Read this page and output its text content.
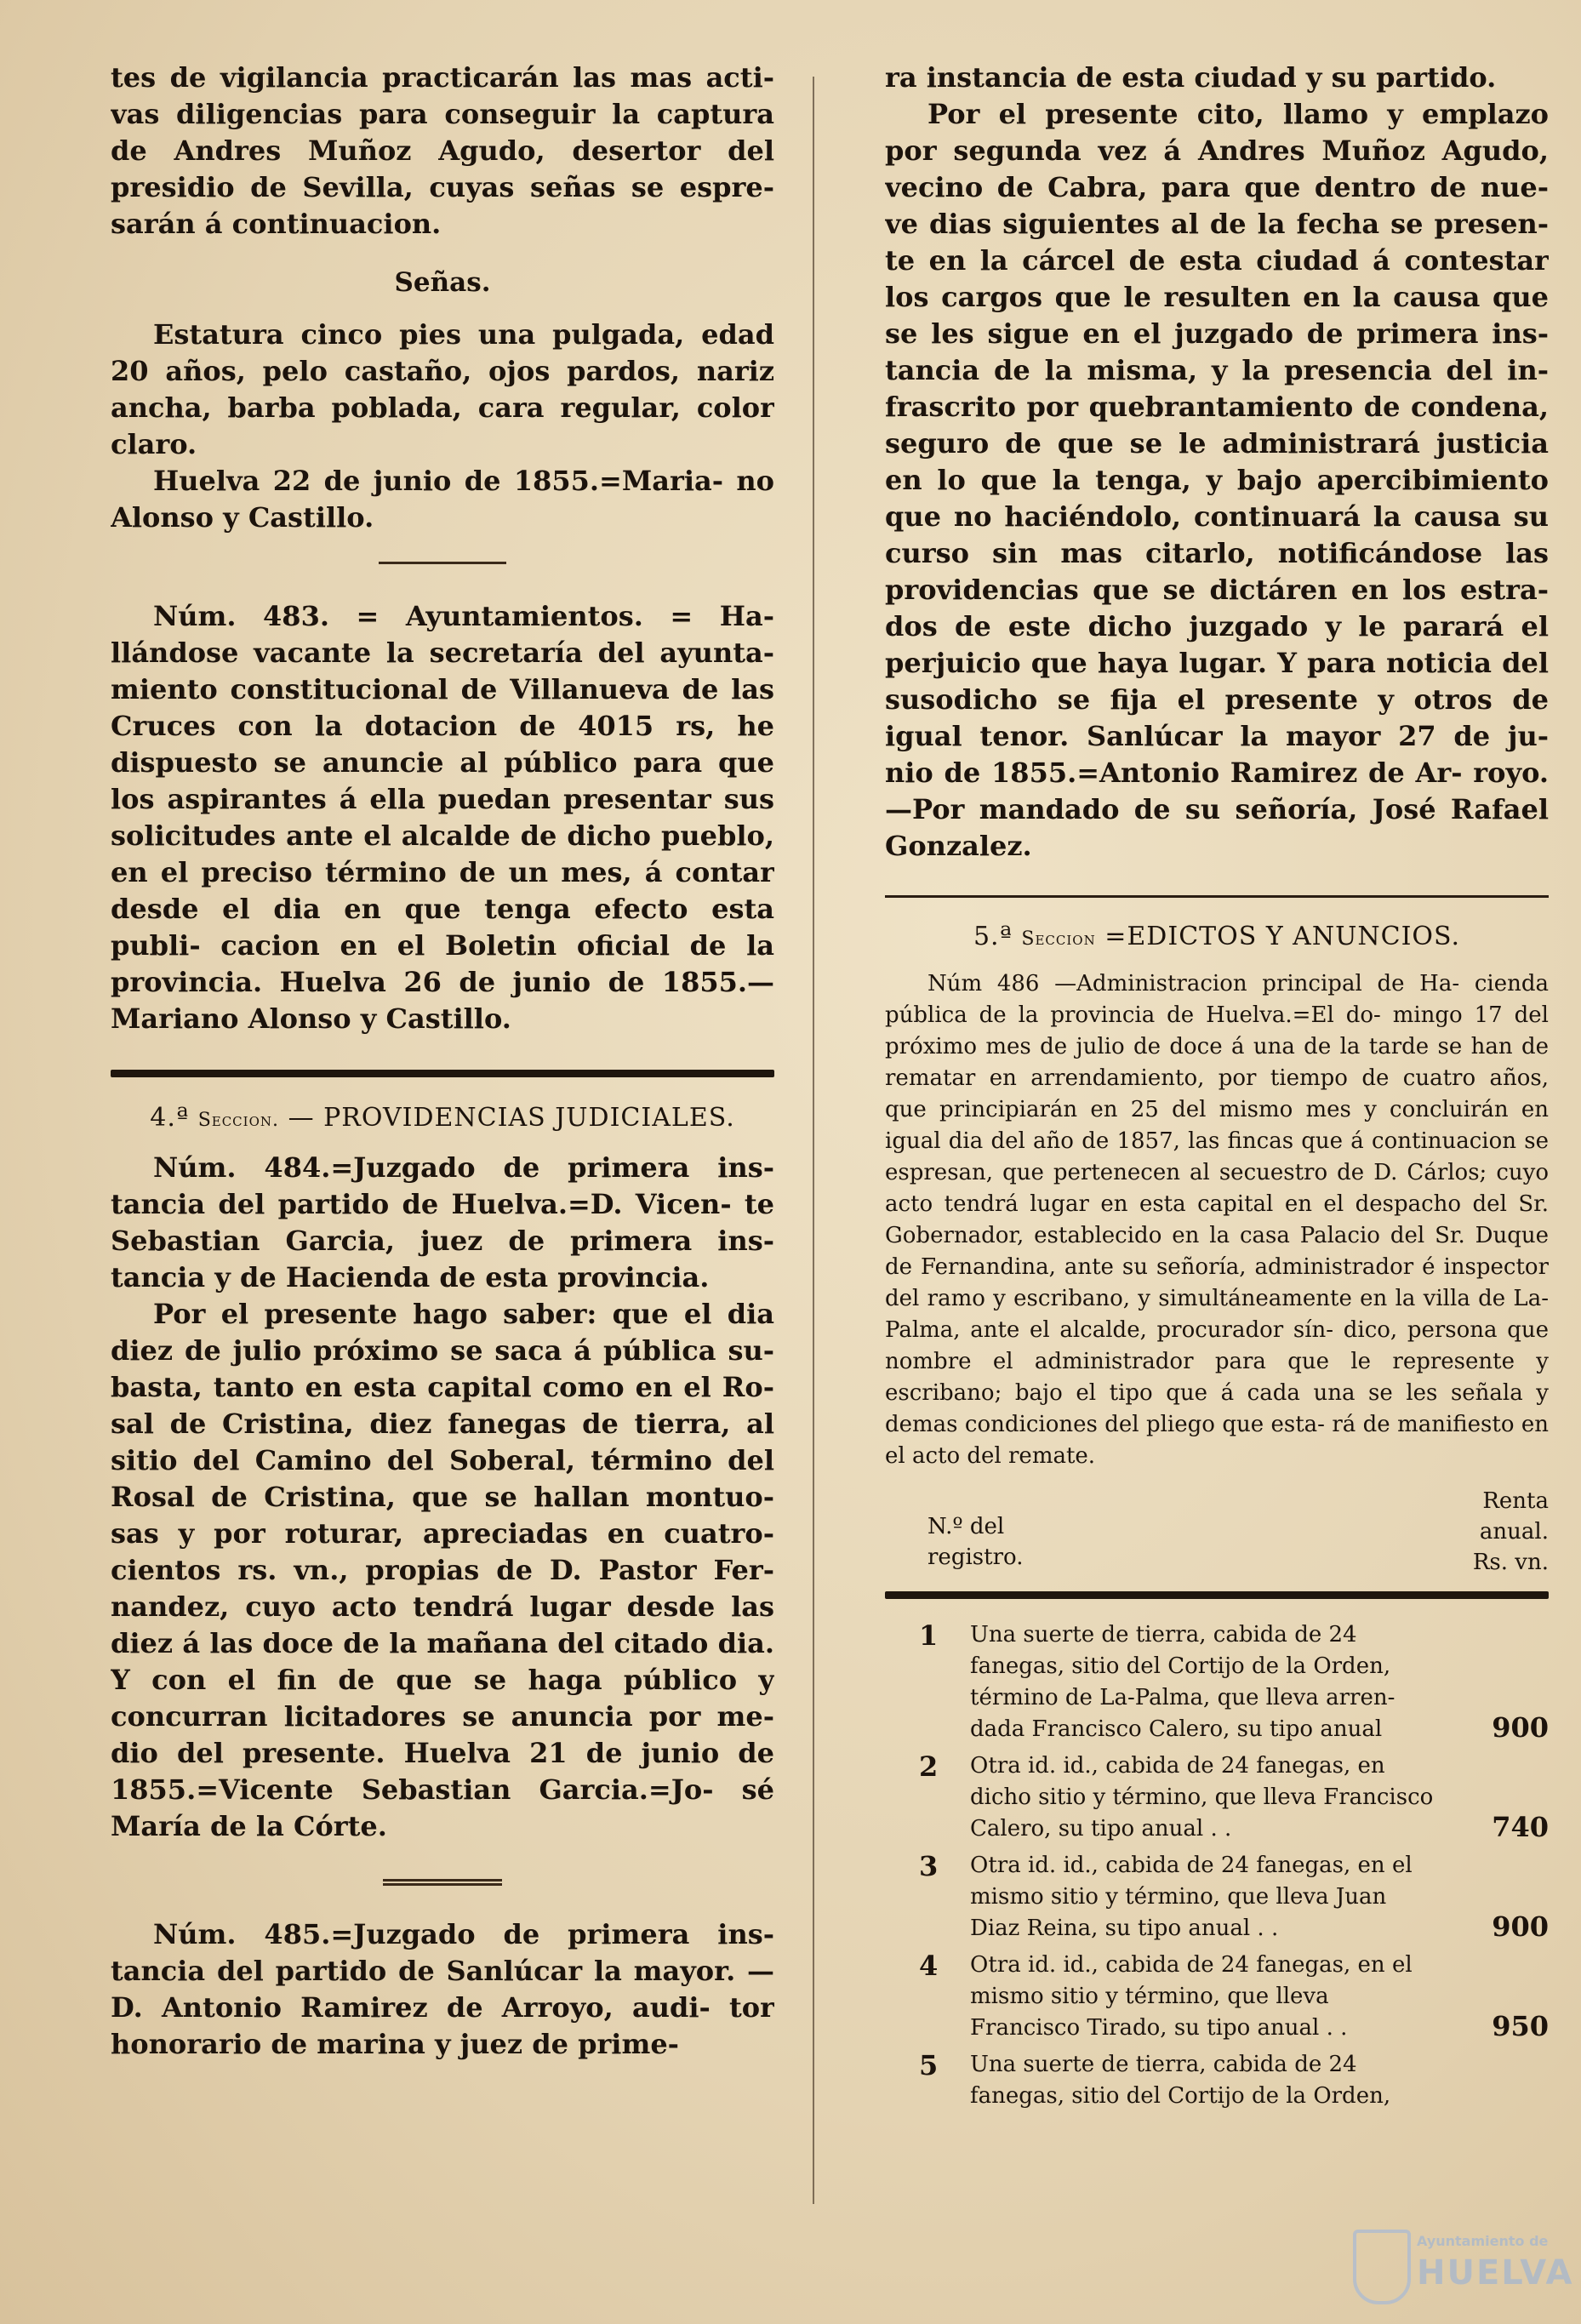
tes de vigilancia practicarán las mas acti- vas diligencias para conseguir la captura de Andres Muñoz Agudo, desertor del presidio de Sevilla, cuyas señas se espre- sarán á continuacion.

Señas.

Estatura cinco pies una pulgada, edad 20 años, pelo castaño, ojos pardos, nariz ancha, barba poblada, cara regular, color claro.

Huelva 22 de junio de 1855.=Maria- no Alonso y Castillo.

Núm. 483. = Ayuntamientos. = Ha- llándose vacante la secretaría del ayunta- miento constitucional de Villanueva de las Cruces con la dotacion de 4015 rs, he dispuesto se anuncie al público para que los aspirantes á ella puedan presentar sus solicitudes ante el alcalde de dicho pueblo, en el preciso término de un mes, á contar desde el dia en que tenga efecto esta publi- cacion en el Boletin oficial de la provincia. Huelva 26 de junio de 1855.—Mariano Alonso y Castillo.

4.ª Seccion. — PROVIDENCIAS JUDICIALES.

Núm. 484.=Juzgado de primera ins- tancia del partido de Huelva.=D. Vicen- te Sebastian Garcia, juez de primera ins- tancia y de Hacienda de esta provincia.

Por el presente hago saber: que el dia diez de julio próximo se saca á pública su- basta, tanto en esta capital como en el Ro- sal de Cristina, diez fanegas de tierra, al sitio del Camino del Soberal, término del Rosal de Cristina, que se hallan montuo- sas y por roturar, apreciadas en cuatro- cientos rs. vn., propias de D. Pastor Fer- nandez, cuyo acto tendrá lugar desde las diez á las doce de la mañana del citado dia. Y con el fin de que se haga público y concurran licitadores se anuncia por me- dio del presente. Huelva 21 de junio de 1855.=Vicente Sebastian Garcia.=Jo- sé María de la Córte.

Núm. 485.=Juzgado de primera ins- tancia del partido de Sanlúcar la mayor. —D. Antonio Ramirez de Arroyo, audi- tor honorario de marina y juez de prime-

ra instancia de esta ciudad y su partido.

Por el presente cito, llamo y emplazo por segunda vez á Andres Muñoz Agudo, vecino de Cabra, para que dentro de nue- ve dias siguientes al de la fecha se presen- te en la cárcel de esta ciudad á contestar los cargos que le resulten en la causa que se les sigue en el juzgado de primera ins- tancia de la misma, y la presencia del in- frascrito por quebrantamiento de condena, seguro de que se le administrará justicia en lo que la tenga, y bajo apercibimiento que no haciéndolo, continuará la causa su curso sin mas citarlo, notificándose las providencias que se dictáren en los estra- dos de este dicho juzgado y le parará el perjuicio que haya lugar. Y para noticia del susodicho se fija el presente y otros de igual tenor. Sanlúcar la mayor 27 de ju- nio de 1855.=Antonio Ramirez de Ar- royo.—Por mandado de su señoría, José Rafael Gonzalez.

5.ª Seccion =EDICTOS Y ANUNCIOS.

Núm 486 —Administracion principal de Ha- cienda pública de la provincia de Huelva.=El do- mingo 17 del próximo mes de julio de doce á una de la tarde se han de rematar en arrendamiento, por tiempo de cuatro años, que principiarán en 25 del mismo mes y concluirán en igual dia del año de 1857, las fincas que á continuacion se espresan, que pertenecen al secuestro de D. Cárlos; cuyo acto tendrá lugar en esta capital en el despacho del Sr. Gobernador, establecido en la casa Palacio del Sr. Duque de Fernandina, ante su señoría, administrador é inspector del ramo y escribano, y simultáneamente en la villa de La-Palma, ante el alcalde, procurador sín- dico, persona que nombre el administrador para que le represente y escribano; bajo el tipo que á cada una se les señala y demas condiciones del pliego que esta- rá de manifiesto en el acto del remate.

N.º del registro.
Renta anual. Rs. vn.
1 Una suerte de tierra, cabida de 24 fanegas, sitio del Cortijo de la Orden, término de La-Palma, que lleva arren- dada Francisco Calero, su tipo anual	900
2 Otra id. id., cabida de 24 fanegas, en dicho sitio y término, que lleva Francisco Calero, su tipo anual . .	740
3 Otra id. id., cabida de 24 fanegas, en el mismo sitio y término, que lleva Juan Diaz Reina, su tipo anual . .	900
4 Otra id. id., cabida de 24 fanegas, en el mismo sitio y término, que lleva Francisco Tirado, su tipo anual . .	950
5 Una suerte de tierra, cabida de 24 fanegas, sitio del Cortijo de la Orden,
Ayuntamiento de
HUELVA
